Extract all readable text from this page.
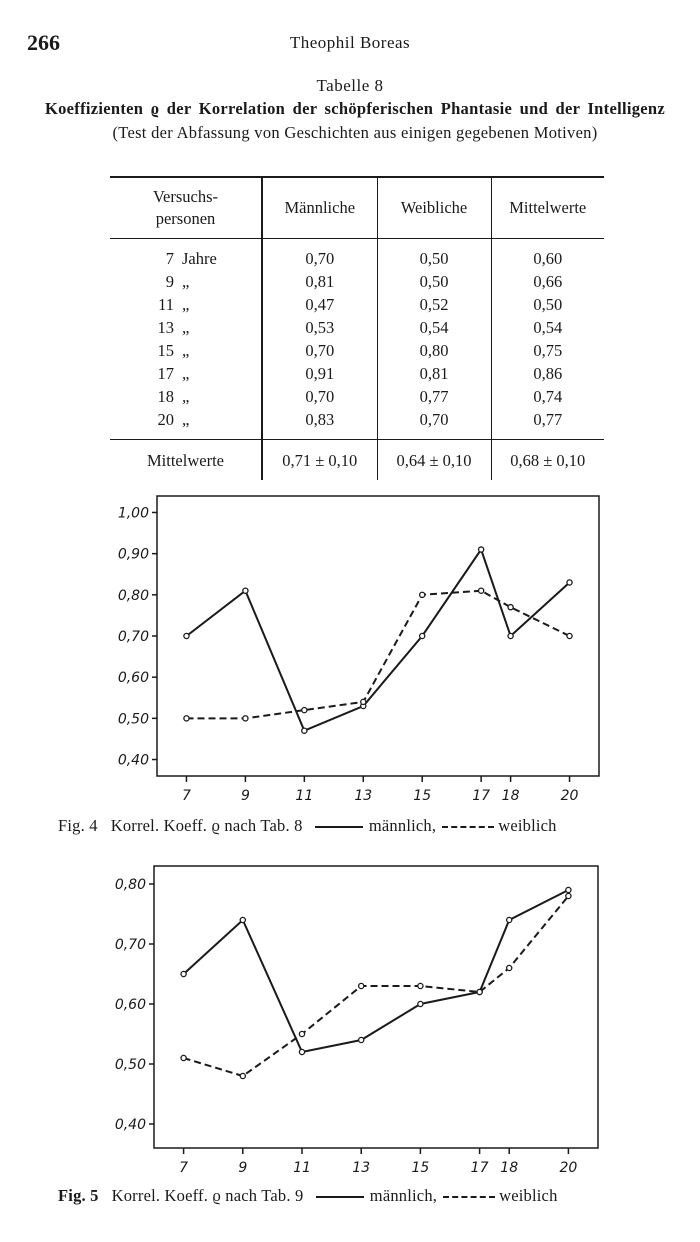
266	Theophil Boreas
Tabelle 8
Koeffizienten ϱ der Korrelation der schöpferischen Phantasie und der Intelligenz (Test der Abfassung von Geschichten aus einigen gegebenen Motiven)
Versuchs-
personen	Männliche	Weibliche	Mittelwerte
7 Jahre	0,70	0,50	0,60
9 „	0,81	0,50	0,66
11 „	0,47	0,52	0,50
13 „	0,53	0,54	0,54
15 „	0,70	0,80	0,75
17 „	0,91	0,81	0,86
18 „	0,70	0,77	0,74
20 „	0,83	0,70	0,77
Mittelwerte	0,71 ± 0,10	0,64 ± 0,10	0,68 ± 0,10
1,00
0,90
0,80
0,70
0,60
0,50
0,40
7	9	11	13	15	17 18	20
0,80
0,70
0,60
0,50
0,40
7	9	11	13	15	17 18	20
Fig. 4 Korrel. Koeff. ϱ nach Tab. 8	männlich,	weiblich
Fig. 5 Korrel. Koeff. ϱ nach Tab. 9	männlich,	weiblich
